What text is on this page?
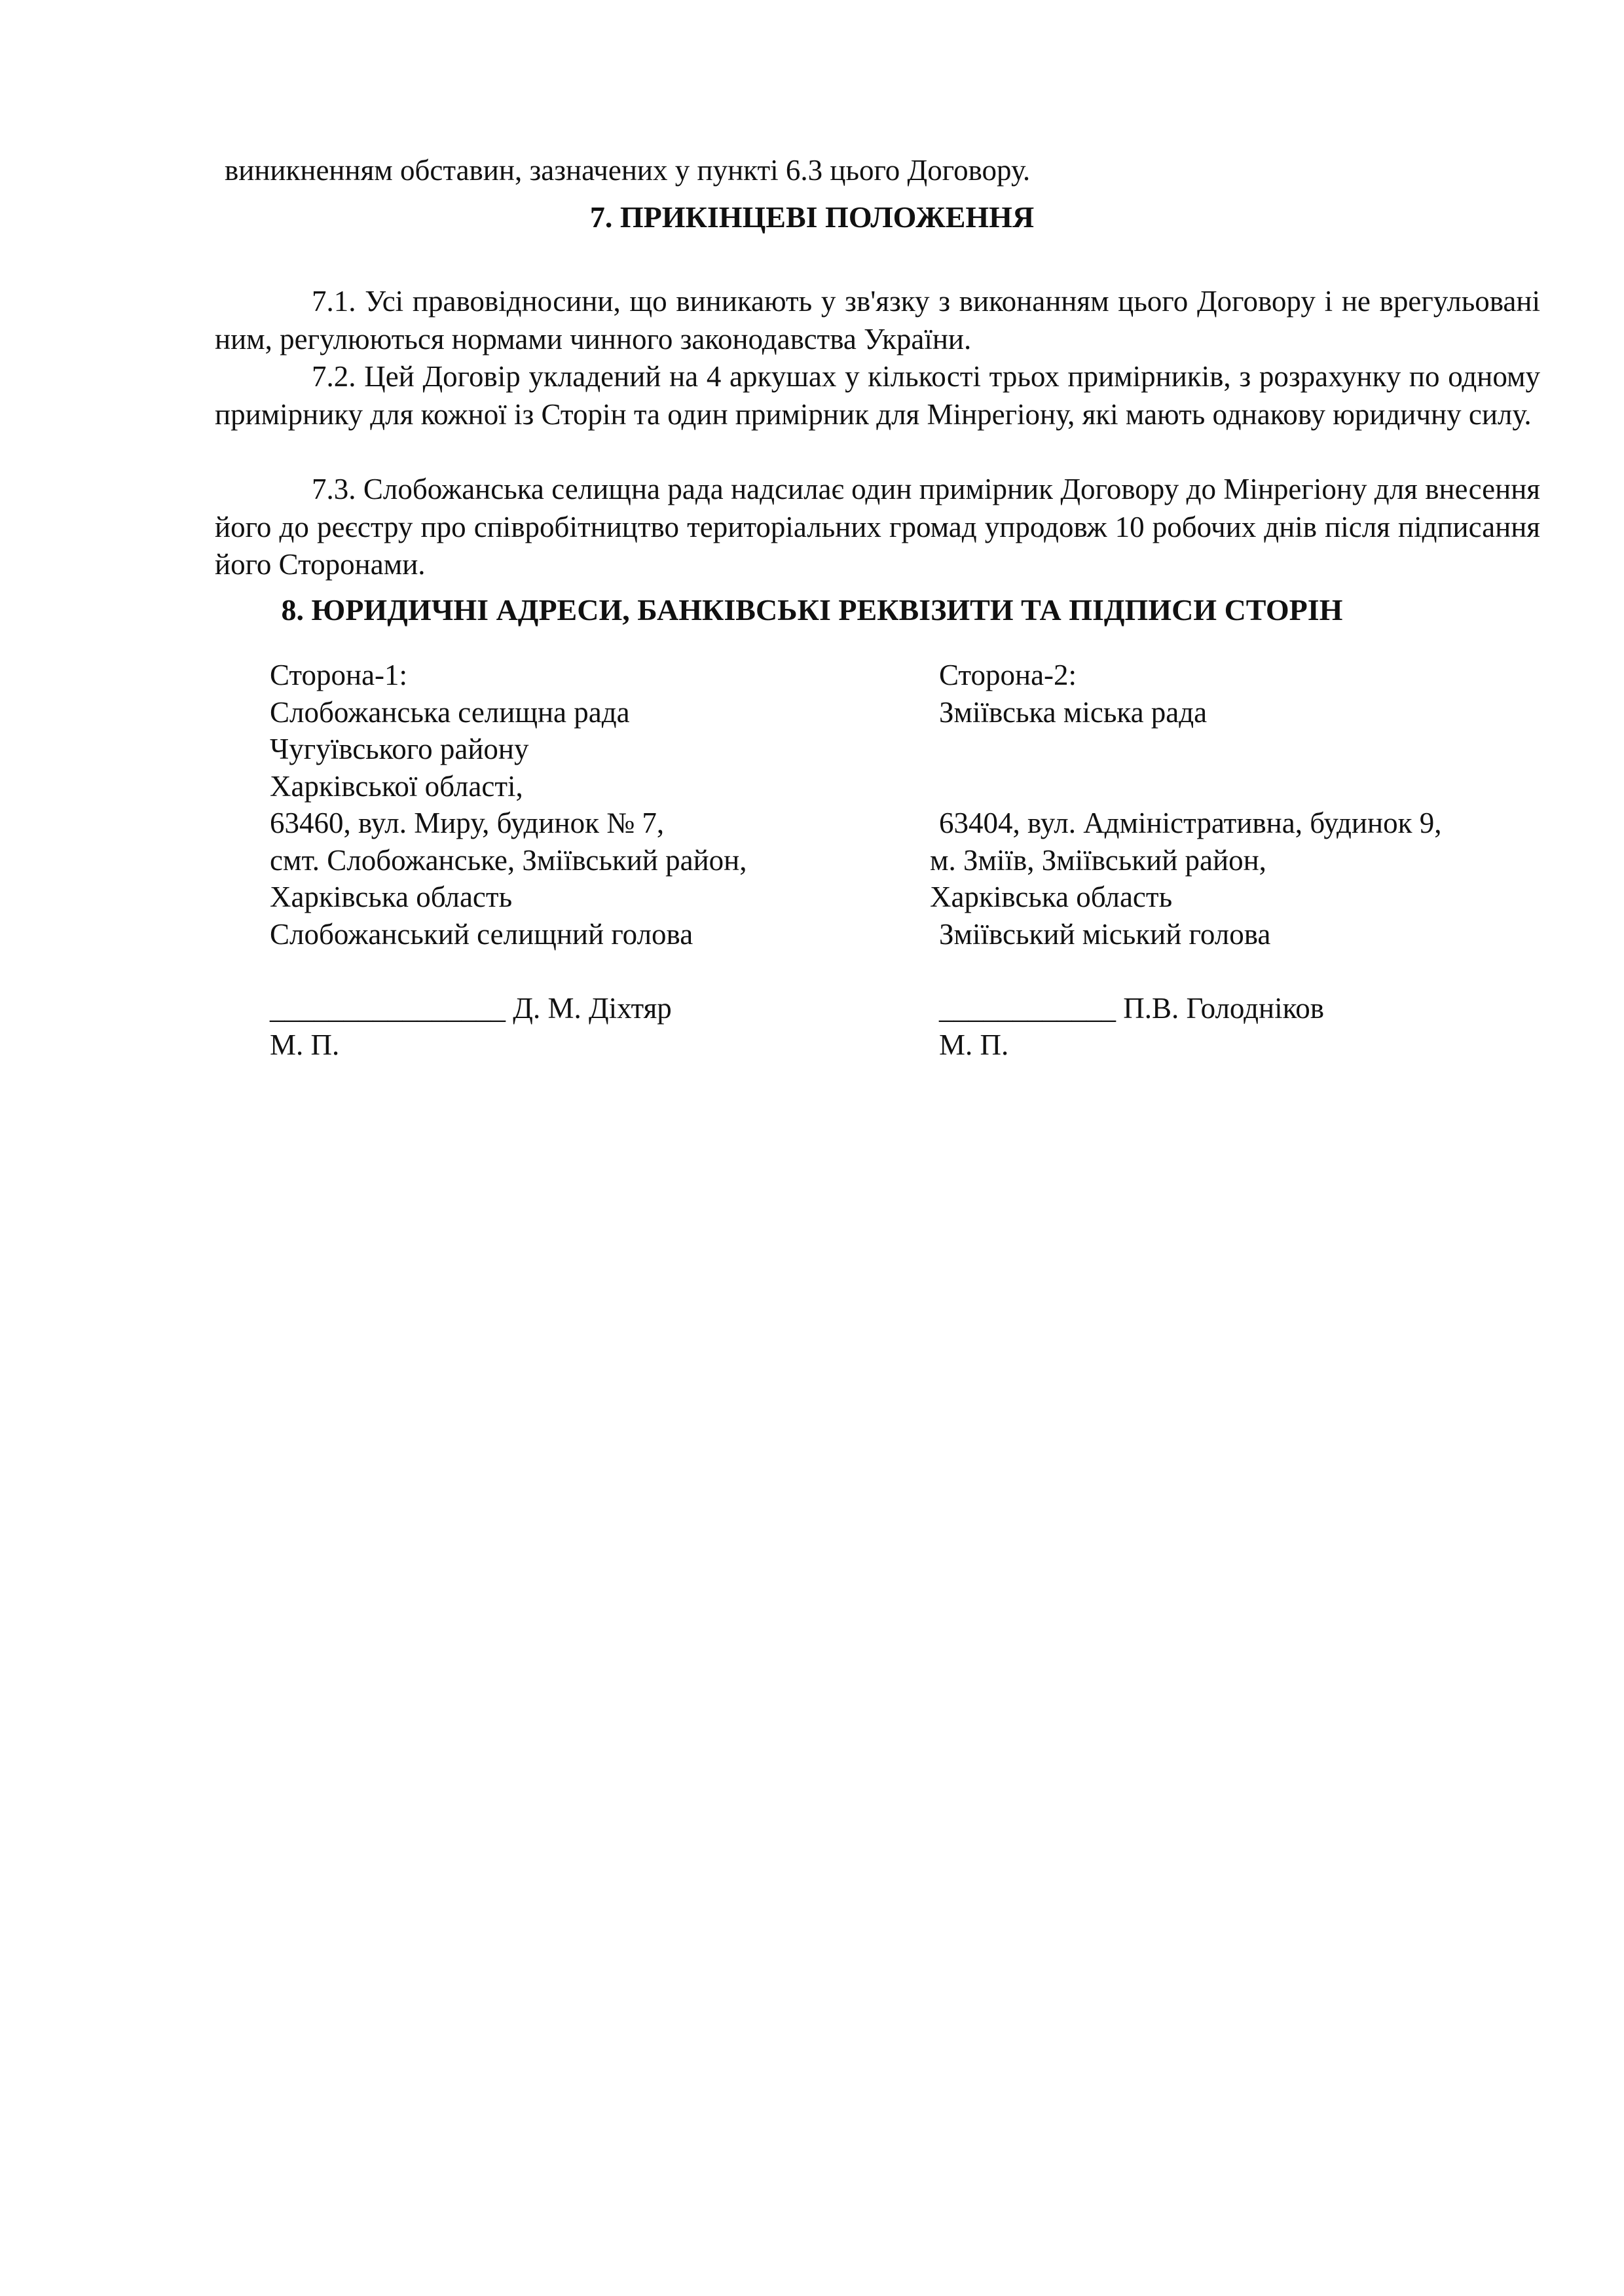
виникненням обставин, зазначених у пункті 6.3 цього Договору.
7. ПРИКІНЦЕВІ ПОЛОЖЕННЯ
7.1. Усі правовідносини, що виникають у зв'язку з виконанням цього Договору і не врегульовані ним, регулюються нормами чинного законодавства України.
7.2. Цей Договір укладений на 4 аркушах у кількості трьох примірників, з розрахунку по одному примірнику для кожної із Сторін та один примірник для Мінрегіону, які мають однакову юридичну силу.
7.3. Слобожанська селищна рада надсилає один примірник Договору до Мінрегіону для внесення його до реєстру про співробітництво територіальних громад упродовж 10 робочих днів після підписання його Сторонами.
8. ЮРИДИЧНІ АДРЕСИ, БАНКІВСЬКІ РЕКВІЗИТИ ТА ПІДПИСИ СТОРІН
Сторона-1:
Слобожанська селищна рада
Чугуївського району
Харківської області,
63460, вул. Миру, будинок № 7,
смт. Слобожанське, Зміївський район,
Харківська область
Слобожанський селищний голова
________________ Д. М. Діхтяр
М. П.
Сторона-2:
Зміївська міська рада
63404, вул. Адміністративна, будинок 9,
м. Зміїв, Зміївський район,
Харківська область
Зміївський міський голова
____________ П.В. Голодніков
М. П.
